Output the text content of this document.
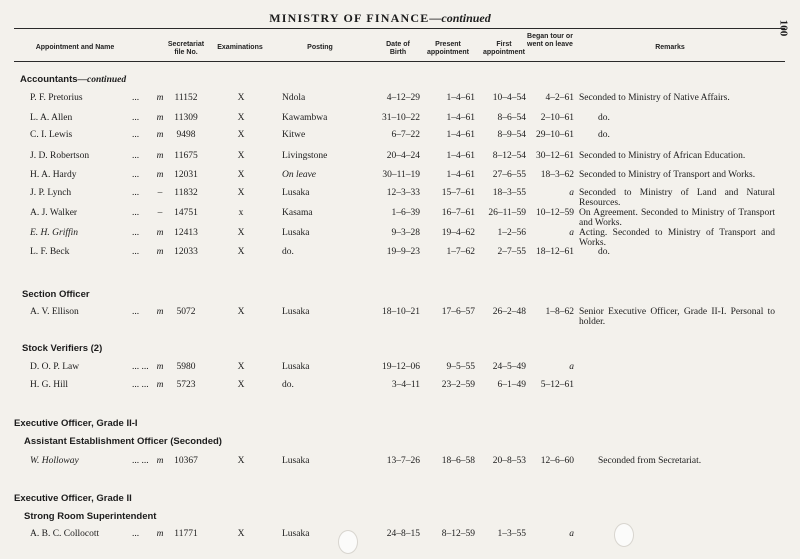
MINISTRY OF FINANCE—continued
100
Appointment and Name	Secretariat file No.
Examinations	Posting	Date of Birth
Present appointment
First appointment
Began tour or went on leave	Remarks
Accountants—continued
P. F. Pretorius	... m	11152	X	Ndola	4–12–29	1–4–61	10–4–54	4–2–61 Seconded to Ministry of Native Affairs.
L. A. Allen	... m	11309	X	Kawambwa	31–10–22	1–4–61	8–6–54	2–10–61	do.
C. I. Lewis	... m	9498	X	Kitwe	6–7–22	1–4–61	8–9–54	29–10–61	do.
J. D. Robertson	... m	11675	X	Livingstone	20–4–24	1–4–61	8–12–54	30–12–61 Seconded to Ministry of African Education.
H. A. Hardy	... m	12031	X	On leave	30–11–19	1–4–61	27–6–55	18–3–62 Seconded to Ministry of Transport and Works.
J. P. Lynch	... –	11832	X	Lusaka	12–3–33	15–7–61	18–3–55	a Seconded to Ministry of Land and Natural Resources.
A. J. Walker	... –	14751	x	Kasama	1–6–39	16–7–61	26–11–59	10–12–59 On Agreement. Seconded to Ministry of Transport and Works.
E. H. Griffin	... m	12413	X	Lusaka	9–3–28	19–4–62	1–2–56	a Acting. Seconded to Ministry of Transport and Works.
L. F. Beck	... m	12033	X	do.	19–9–23	1–7–62	2–7–55	18–12–61	do.
A. V. Ellison	... m	5072	X	Lusaka	18–10–21	17–6–57	26–2–48	1–8–62 Senior Executive Officer, Grade II-I. Personal to holder.
D. O. P. Law	... ... m	5980	X	Lusaka	19–12–06	9–5–55	24–5–49	a
H. G. Hill	... ... m	5723	X	do.	3–4–11	23–2–59	6–1–49	5–12–61
W. Holloway	... ... m	10367	X	Lusaka	13–7–26	18–6–58	20–8–53	12–6–60	Seconded from Secretariat.
A. B. C. Collocott	... m	11771	X	Lusaka	24–8–15	8–12–59	1–3–55	a
Section Officer
Stock Verifiers (2)
Executive Officer, Grade II-I
Assistant Establishment Officer (Seconded)
Executive Officer, Grade II
Strong Room Superintendent
